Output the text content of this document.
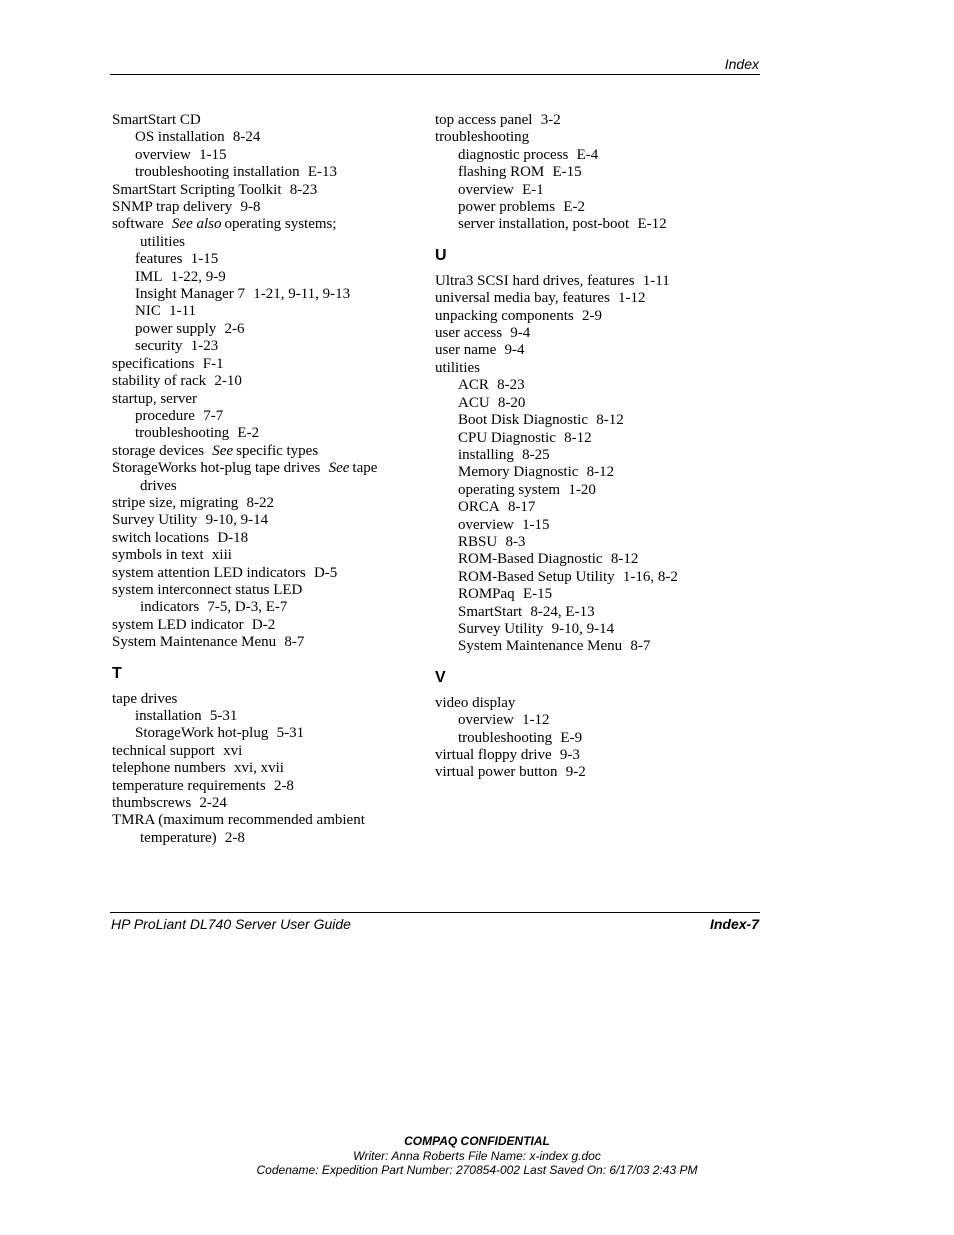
Index
SmartStart CD
OS installation 8-24
overview 1-15
troubleshooting installation E-13
SmartStart Scripting Toolkit 8-23
SNMP trap delivery 9-8
software See also operating systems;
utilities
features 1-15
IML 1-22, 9-9
Insight Manager 7 1-21, 9-11, 9-13
NIC 1-11
power supply 2-6
security 1-23
specifications F-1
stability of rack 2-10
startup, server
procedure 7-7
troubleshooting E-2
storage devices See specific types
StorageWorks hot-plug tape drives See tape
drives
stripe size, migrating 8-22
Survey Utility 9-10, 9-14
switch locations D-18
symbols in text xiii
system attention LED indicators D-5
system interconnect status LED
indicators 7-5, D-3, E-7
system LED indicator D-2
System Maintenance Menu 8-7
T
tape drives
installation 5-31
StorageWork hot-plug 5-31
technical support xvi
telephone numbers xvi, xvii
temperature requirements 2-8
thumbscrews 2-24
TMRA (maximum recommended ambient
temperature) 2-8
top access panel 3-2
troubleshooting
diagnostic process E-4
flashing ROM E-15
overview E-1
power problems E-2
server installation, post-boot E-12
U
Ultra3 SCSI hard drives, features 1-11
universal media bay, features 1-12
unpacking components 2-9
user access 9-4
user name 9-4
utilities
ACR 8-23
ACU 8-20
Boot Disk Diagnostic 8-12
CPU Diagnostic 8-12
installing 8-25
Memory Diagnostic 8-12
operating system 1-20
ORCA 8-17
overview 1-15
RBSU 8-3
ROM-Based Diagnostic 8-12
ROM-Based Setup Utility 1-16, 8-2
ROMPaq E-15
SmartStart 8-24, E-13
Survey Utility 9-10, 9-14
System Maintenance Menu 8-7
V
video display
overview 1-12
troubleshooting E-9
virtual floppy drive 9-3
virtual power button 9-2
HP ProLiant DL740 Server User Guide	Index-7
COMPAQ CONFIDENTIAL
Writer: Anna Roberts File Name: x-index g.doc
Codename: Expedition Part Number: 270854-002 Last Saved On: 6/17/03 2:43 PM
